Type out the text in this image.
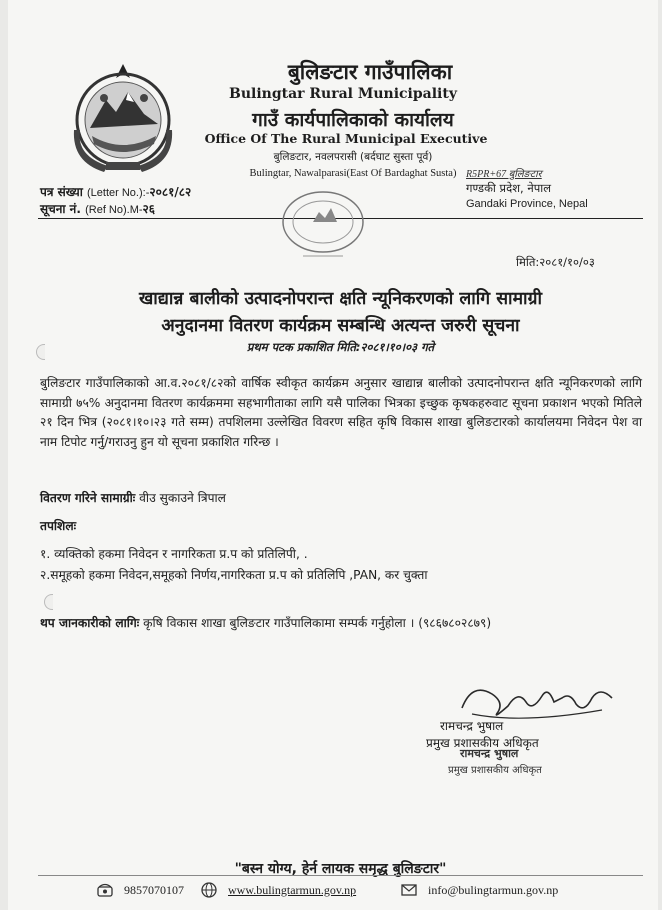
बुलिङटार गाउँपालिका
Bulingtar Rural Municipality
गाउँ कार्यपालिकाको कार्यालय
Office Of The Rural Municipal Executive
बुलिङटार, नवलपरासी (बर्दघाट सुस्ता पूर्व)
Bulingtar, Nawalparasi(East Of Bardaghat Susta) R5PR+67 बुलिङटार
गण्डकी प्रदेश, नेपाल
Gandaki Province, Nepal
पत्र संख्या (Letter No.):-२०८१/८२
सूचना नं. (Ref No).M-२६
मिति:२०८१/१०/०३
खाद्यान्न बालीको उत्पादनोपरान्त क्षति न्यूनिकरणको लागि सामाग्री
अनुदानमा वितरण कार्यक्रम सम्बन्धि अत्यन्त जरुरी सूचना
प्रथम पटक प्रकाशित मिति:२०८१।१०।०३ गते
बुलिङटार गाउँपालिकाको आ.व.२०८१/८२को वार्षिक स्वीकृत कार्यक्रम अनुसार खाद्यान्न बालीको उत्पादनोपरान्त क्षति न्यूनिकरणको लागि सामाग्री ७५% अनुदानमा वितरण कार्यक्रममा सहभागीताका लागि यसै पालिका भित्रका इच्छुक कृषकहरुवाट सूचना प्रकाशन भएको मितिले २१ दिन भित्र (२०८१।१०।२३ गते सम्म) तपशिलमा उल्लेखित विवरण सहित कृषि विकास शाखा बुलिङटारको कार्यालयमा निवेदन पेश वा नाम टिपोट गर्नु/गराउनु हुन यो सूचना प्रकाशित गरिन्छ ।
वितरण गरिने सामाग्रीः वीउ सुकाउने त्रिपाल
तपशिलः
१. व्यक्तिको हकमा निवेदन र नागरिकता प्र.प को प्रतिलिपी, .
२.समूहको हकमा निवेदन,समूहको निर्णय,नागरिकता प्र.प को प्रतिलिपि ,PAN, कर चुक्ता
थप जानकारीको लागिः कृषि विकास शाखा बुलिङटार गाउँपालिकामा सम्पर्क गर्नुहोला । (९८६७८०२८७९)
रामचन्द्र भुषाल
प्रमुख प्रशासकीय अधिकृत
रामचन्द्र भुषाल
प्रमुख प्रशासकीय अधिकृत
"बस्न योग्य, हेर्न लायक समृद्ध बुलिङटार"
9857070107	www.bulingtarmun.gov.np	info@bulingtarmun.gov.np
